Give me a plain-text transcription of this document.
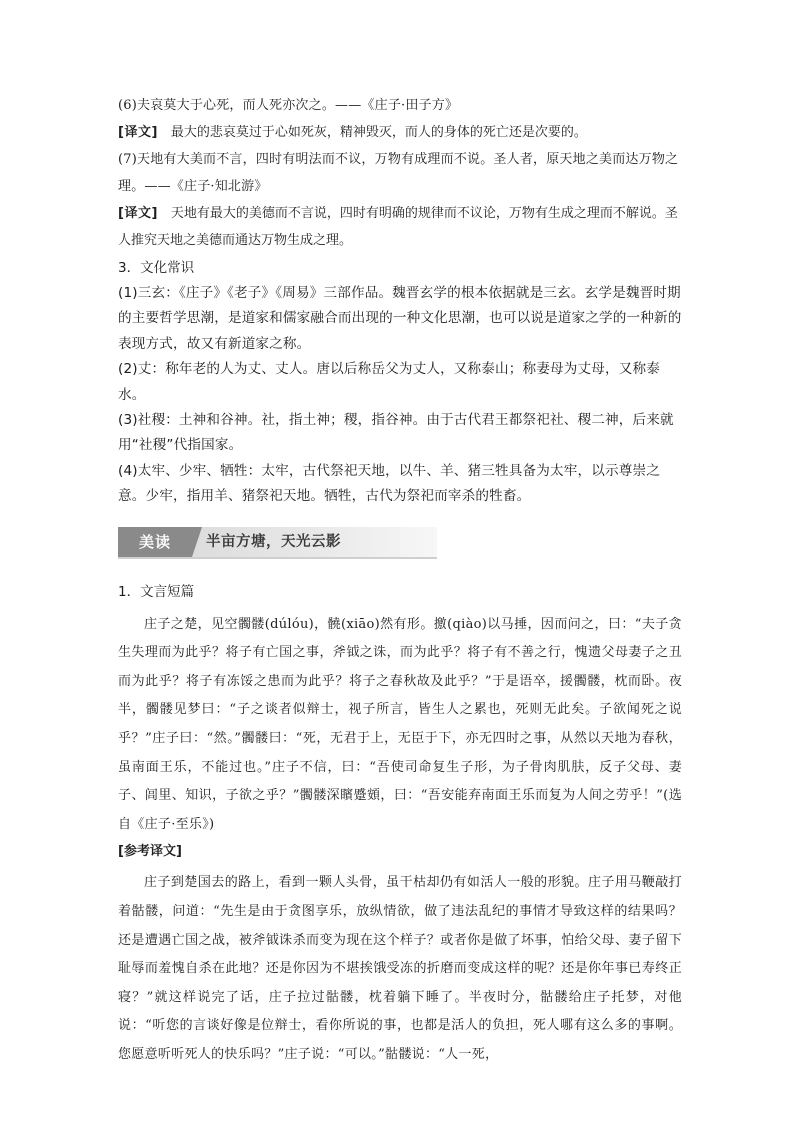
(6)夫哀莫大于心死，而人死亦次之。——《庄子·田子方》

[译文]　最大的悲哀莫过于心如死灰，精神毁灭，而人的身体的死亡还是次要的。

(7)天地有大美而不言，四时有明法而不议，万物有成理而不说。圣人者，原天地之美而达万物之理。——《庄子·知北游》

[译文]　天地有最大的美德而不言说，四时有明确的规律而不议论，万物有生成之理而不解说。圣人推究天地之美德而通达万物生成之理。

3．文化常识

(1)三玄：《庄子》《老子》《周易》三部作品。魏晋玄学的根本依据就是三玄。玄学是魏晋时期的主要哲学思潮，是道家和儒家融合而出现的一种文化思潮，也可以说是道家之学的一种新的表现方式，故又有新道家之称。

(2)丈：称年老的人为丈、丈人。唐以后称岳父为丈人，又称泰山；称妻母为丈母，又称泰水。

(3)社稷：土神和谷神。社，指土神；稷，指谷神。由于古代君王都祭祀社、稷二神，后来就用“社稷”代指国家。

(4)太牢、少牢、牺牲：太牢，古代祭祀天地，以牛、羊、猪三牲具备为太牢，以示尊崇之意。少牢，指用羊、猪祭祀天地。牺牲，古代为祭祀而宰杀的牲畜。

美读	半亩方塘，天光云影

1．文言短篇

庄子之楚，见空髑髅(dúlóu)，髐(xiāo)然有形。撽(qiào)以马捶，因而问之，曰：“夫子贪生失理而为此乎？将子有亡国之事，斧钺之诛，而为此乎？将子有不善之行，愧遗父母妻子之丑而为此乎？将子有冻馁之患而为此乎？将子之春秋故及此乎？”于是语卒，援髑髅，枕而卧。夜半，髑髅见梦曰：“子之谈者似辩士，视子所言，皆生人之累也，死则无此矣。子欲闻死之说乎？”庄子曰：“然。”髑髅曰：“死，无君于上，无臣于下，亦无四时之事，从然以天地为春秋，虽南面王乐，不能过也。”庄子不信，曰：“吾使司命复生子形，为子骨肉肌肤，反子父母、妻子、闾里、知识，子欲之乎？”髑髅深矉蹙頞，曰：“吾安能弃南面王乐而复为人间之劳乎！”(选自《庄子·至乐》)

[参考译文]

庄子到楚国去的路上，看到一颗人头骨，虽干枯却仍有如活人一般的形貌。庄子用马鞭敲打着骷髅，问道：“先生是由于贪图享乐，放纵情欲，做了违法乱纪的事情才导致这样的结果吗？还是遭遇亡国之战，被斧钺诛杀而变为现在这个样子？或者你是做了坏事，怕给父母、妻子留下耻辱而羞愧自杀在此地？还是你因为不堪挨饿受冻的折磨而变成这样的呢？还是你年事已寿终正寝？”就这样说完了话，庄子拉过骷髅，枕着躺下睡了。半夜时分，骷髅给庄子托梦，对他说：“听您的言谈好像是位辩士，看你所说的事，也都是活人的负担，死人哪有这么多的事啊。您愿意听听死人的快乐吗？”庄子说：“可以。”骷髅说：“人一死，
